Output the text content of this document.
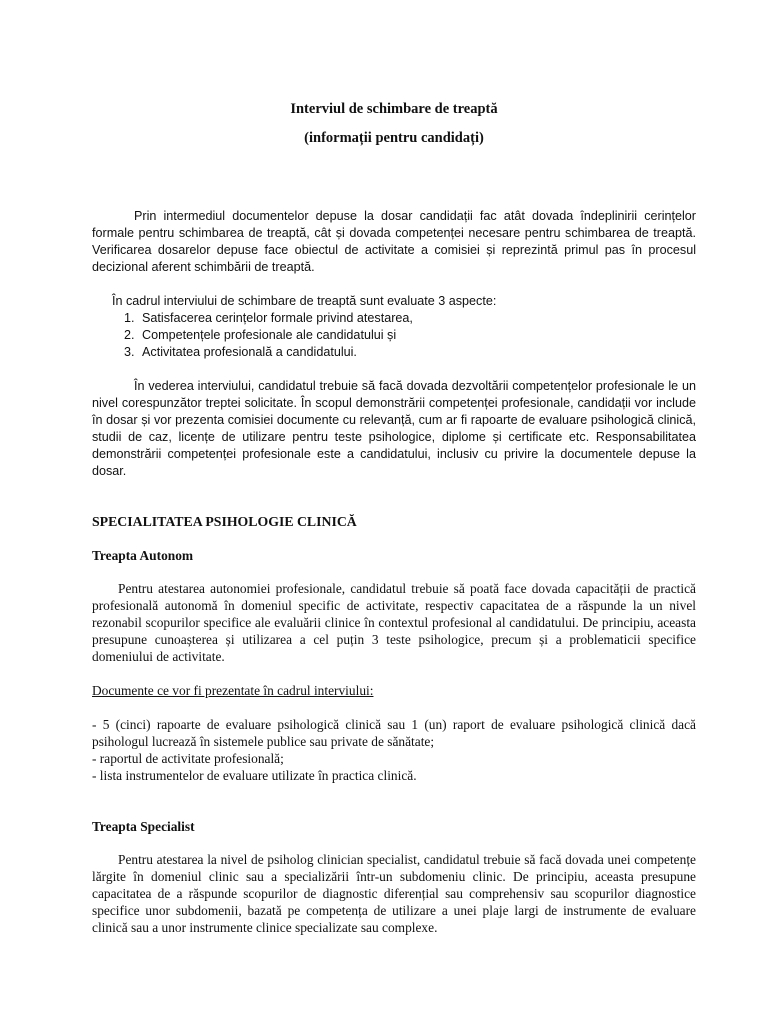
Interviul de schimbare de treaptă
(informații pentru candidați)

Prin intermediul documentelor depuse la dosar candidații fac atât dovada îndeplinirii cerințelor formale pentru schimbarea de treaptă, cât și dovada competenței necesare pentru schimbarea de treaptă. Verificarea dosarelor depuse face obiectul de activitate a comisiei și reprezintă primul pas în procesul decizional aferent schimbării de treaptă.

În cadrul interviului de schimbare de treaptă sunt evaluate 3 aspecte:

1. Satisfacerea cerințelor formale privind atestarea,
2. Competențele profesionale ale candidatului și
3. Activitatea profesională a candidatului.

În vederea interviului, candidatul trebuie să facă dovada dezvoltării competențelor profesionale le un nivel corespunzător treptei solicitate. În scopul demonstrării competenței profesionale, candidații vor include în dosar și vor prezenta comisiei documente cu relevanță, cum ar fi rapoarte de evaluare psihologică clinică, studii de caz, licențe de utilizare pentru teste psihologice, diplome și certificate etc. Responsabilitatea demonstrării competenței profesionale este a candidatului, inclusiv cu privire la documentele depuse la dosar.

SPECIALITATEA PSIHOLOGIE CLINICĂ
Treapta Autonom

Pentru atestarea autonomiei profesionale, candidatul trebuie să poată face dovada capacității de practică profesională autonomă în domeniul specific de activitate, respectiv capacitatea de a răspunde la un nivel rezonabil scopurilor specifice ale evaluării clinice în contextul profesional al candidatului. De principiu, aceasta presupune cunoașterea și utilizarea a cel puțin 3 teste psihologice, precum și a problematicii specifice domeniului de activitate.

Documente ce vor fi prezentate în cadrul interviului:

- 5 (cinci) rapoarte de evaluare psihologică clinică sau 1 (un) raport de evaluare psihologică clinică dacă psihologul lucrează în sistemele publice sau private de sănătate;

- raportul de activitate profesională;

- lista instrumentelor de evaluare utilizate în practica clinică.

Treapta Specialist

Pentru atestarea la nivel de psiholog clinician specialist, candidatul trebuie să facă dovada unei competențe lărgite în domeniul clinic sau a specializării într-un subdomeniu clinic. De principiu, aceasta presupune capacitatea de a răspunde scopurilor de diagnostic diferențial sau comprehensiv sau scopurilor diagnostice specifice unor subdomenii, bazată pe competența de utilizare a unei plaje largi de instrumente de evaluare clinică sau a unor instrumente clinice specializate sau complexe.
